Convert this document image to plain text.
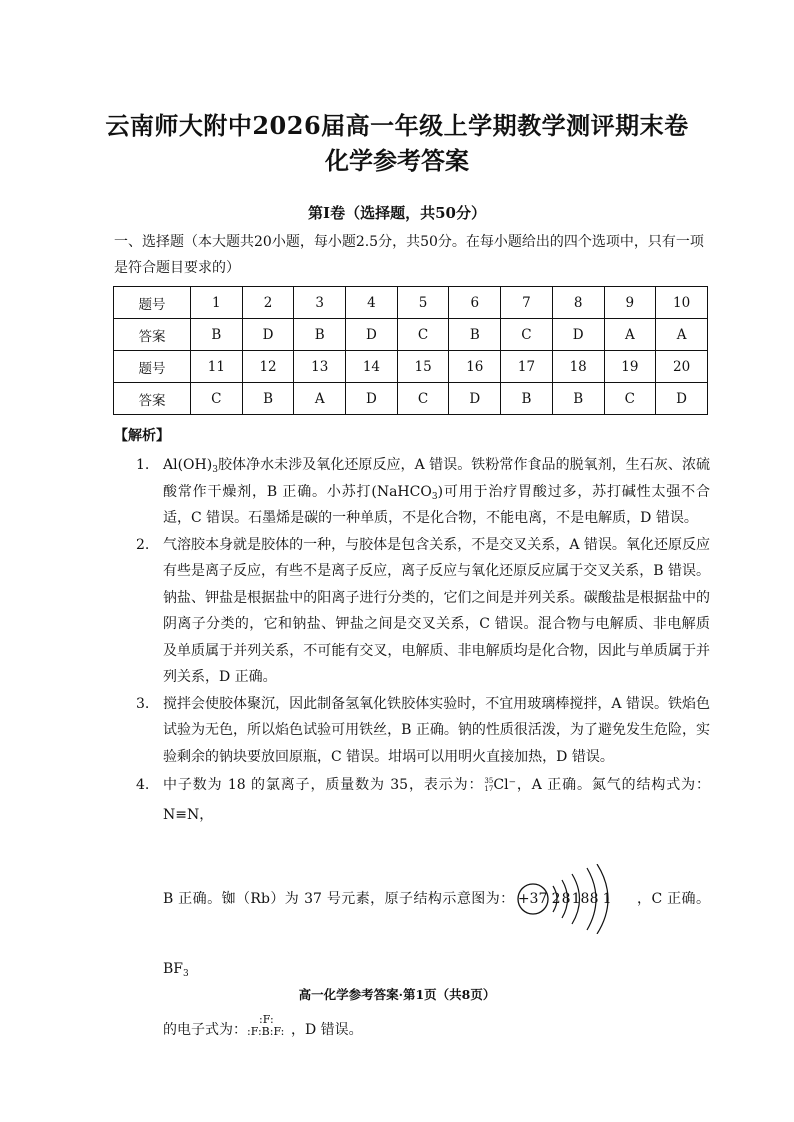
云南师大附中2026届高一年级上学期教学测评期末卷
化学参考答案
第Ⅰ卷（选择题，共50分）
一、选择题（本大题共20小题，每小题2.5分，共50分。在每小题给出的四个选项中，只有一项是符合题目要求的）
题号	1	2	3	4	5	6	7	8	9	10
答案	B	D	B	D	C	B	C	D	A	A
题号	11	12	13	14	15	16	17	18	19	20
答案	C	B	A	D	C	D	B	B	C	D
【解析】
1. $Al(OH)_3$胶体净水未涉及氧化还原反应，A 错误。铁粉常作食品的脱氧剂，生石灰、浓硫酸常作干燥剂，B 正确。小苏打(NaHCO$_3$)可用于治疗胃酸过多，苏打碱性太强不合适，C 错误。石墨烯是碳的一种单质，不是化合物，不能电离，不是电解质，D 错误。
2. 气溶胶本身就是胶体的一种，与胶体是包含关系，不是交叉关系，A 错误。氧化还原反应有些是离子反应，有些不是离子反应，离子反应与氧化还原反应属于交叉关系，B 错误。钠盐、钾盐是根据盐中的阳离子进行分类的，它们之间是并列关系。碳酸盐是根据盐中的阴离子分类的，它和钠盐、钾盐之间是交叉关系，C 错误。混合物与电解质、非电解质及单质属于并列关系，不可能有交叉，电解质、非电解质均是化合物，因此与单质属于并列关系，D 正确。
3. 搅拌会使胶体聚沉，因此制备氢氧化铁胶体实验时，不宜用玻璃棒搅拌，A 错误。铁焰色试验为无色，所以焰色试验可用铁丝，B 正确。钠的性质很活泼，为了避免发生危险，实验剩余的钠块要放回原瓶，C 错误。坩埚可以用明火直接加热，D 错误。
4. 中子数为 18 的氯离子，质量数为 35，表示为： 35
17 Cl⁻，A 正确。氮气的结构式为：N≡N，
B 正确。铷（Rb）为 37 号元素，原子结构示意图为： +37 2 8 18 8 1 ，C 正确。$BF_3$
的电子式为：
:F:
:F:B:F: ，D 错误。
高一化学参考答案·第1页（共8页）
